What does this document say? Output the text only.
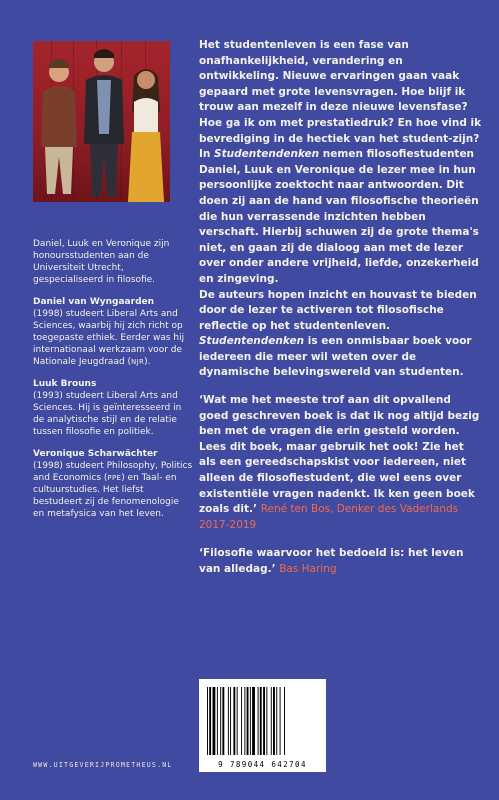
Daniel, Luuk en Veronique zijn honoursstudenten aan de Universiteit Utrecht, gespecialiseerd in filosofie.

Daniel van Wyngaarden
(1998) studeert Liberal Arts and Sciences, waarbij hij zich richt op toegepaste ethiek. Eerder was hij internationaal werkzaam voor de Nationale Jeugdraad (NJR).

Luuk Brouns
(1993) studeert Liberal Arts and Sciences. Hij is geïnteresseerd in de analytische stijl en de relatie tussen filosofie en politiek.

Veronique Scharwächter
(1998) studeert Philosophy, Politics and Economics (PPE) en Taal- en cultuurstudies. Het liefst bestudeert zij de fenomenologie en metafysica van het leven.

Het studentenleven is een fase van onafhankelijkheid, verandering en ontwikkeling. Nieuwe ervaringen gaan vaak gepaard met grote levensvragen. Hoe blijf ik trouw aan mezelf in deze nieuwe levensfase? Hoe ga ik om met prestatiedruk? En hoe vind ik bevrediging in de hectiek van het student-zijn?

In Studentendenken nemen filosofiestudenten Daniel, Luuk en Veronique de lezer mee in hun persoonlijke zoektocht naar antwoorden. Dit doen zij aan de hand van filosofische theorieën die hun verrassende inzichten hebben verschaft. Hierbij schuwen zij de grote thema's niet, en gaan zij de dialoog aan met de lezer over onder andere vrijheid, liefde, onzekerheid en zingeving.

De auteurs hopen inzicht en houvast te bieden door de lezer te activeren tot filosofische reflectie op het studentenleven.

Studentendenken is een onmisbaar boek voor iedereen die meer wil weten over de dynamische belevingswereld van studenten.

‘Wat me het meeste trof aan dit opvallend goed geschreven boek is dat ik nog altijd bezig ben met de vragen die erin gesteld worden. Lees dit boek, maar gebruik het ook! Zie het als een gereedschapskist voor iedereen, niet alleen de filosofiestudent, die wel eens over existentiële vragen nadenkt. Ik ken geen boek zoals dit.’ René ten Bos, Denker des Vaderlands 2017-2019

‘Filosofie waarvoor het bedoeld is: het leven van alledag.’ Bas Haring

9 789044 642704
WWW.UITGEVERIJPROMETHEUS.NL
